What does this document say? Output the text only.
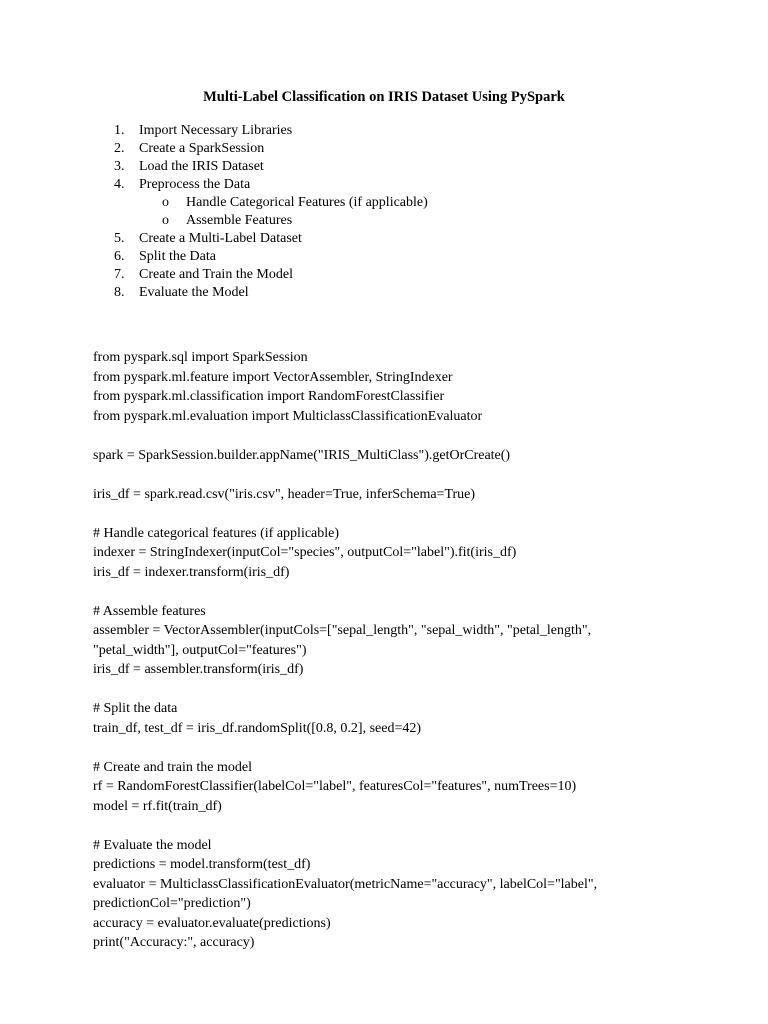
Multi-Label Classification on IRIS Dataset Using PySpark
1.	Import Necessary Libraries
2.	Create a SparkSession
3.	Load the IRIS Dataset
4.	Preprocess the Data
o	Handle Categorical Features (if applicable)
o	Assemble Features
5.	Create a Multi-Label Dataset
6.	Split the Data
7.	Create and Train the Model
8.	Evaluate the Model
from pyspark.sql import SparkSession
from pyspark.ml.feature import VectorAssembler, StringIndexer
from pyspark.ml.classification import RandomForestClassifier
from pyspark.ml.evaluation import MulticlassClassificationEvaluator
spark = SparkSession.builder.appName("IRIS_MultiClass").getOrCreate()
iris_df = spark.read.csv("iris.csv", header=True, inferSchema=True)
# Handle categorical features (if applicable)
indexer = StringIndexer(inputCol="species", outputCol="label").fit(iris_df)
iris_df = indexer.transform(iris_df)
# Assemble features
assembler = VectorAssembler(inputCols=["sepal_length", "sepal_width", "petal_length",
"petal_width"], outputCol="features")
iris_df = assembler.transform(iris_df)
# Split the data
train_df, test_df = iris_df.randomSplit([0.8, 0.2], seed=42)
# Create and train the model
rf = RandomForestClassifier(labelCol="label", featuresCol="features", numTrees=10)
model = rf.fit(train_df)
# Evaluate the model
predictions = model.transform(test_df)
evaluator = MulticlassClassificationEvaluator(metricName="accuracy", labelCol="label",
predictionCol="prediction")
accuracy = evaluator.evaluate(predictions)
print("Accuracy:", accuracy)
